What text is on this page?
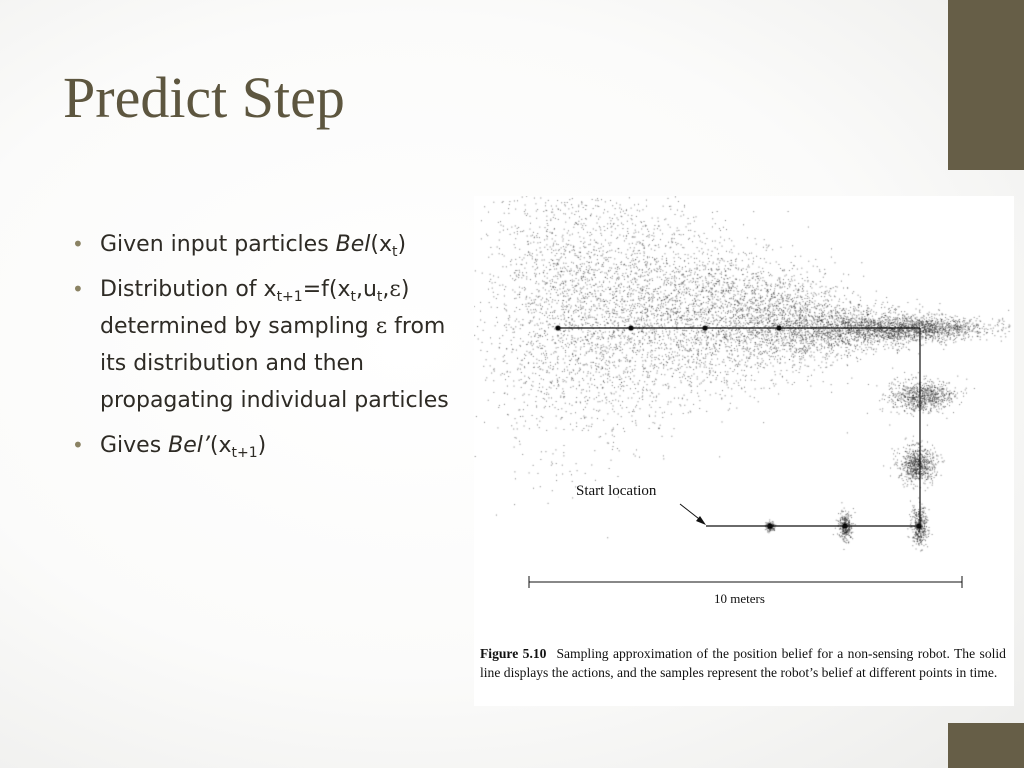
Predict Step
• Given input particles $Bel(x_t)$
• Distribution of $x_{t+1}=f(x_t,u_t,\varepsilon)$
determined by sampling ε from
its distribution and then
propagating individual particles
• Gives $Bel’(x_{t+1})$
Start location
10 meters

Figure 5.10 Sampling approximation of the position belief for a non-sensing robot. The solid line displays the actions, and the samples represent the robot’s belief at different points in time.
